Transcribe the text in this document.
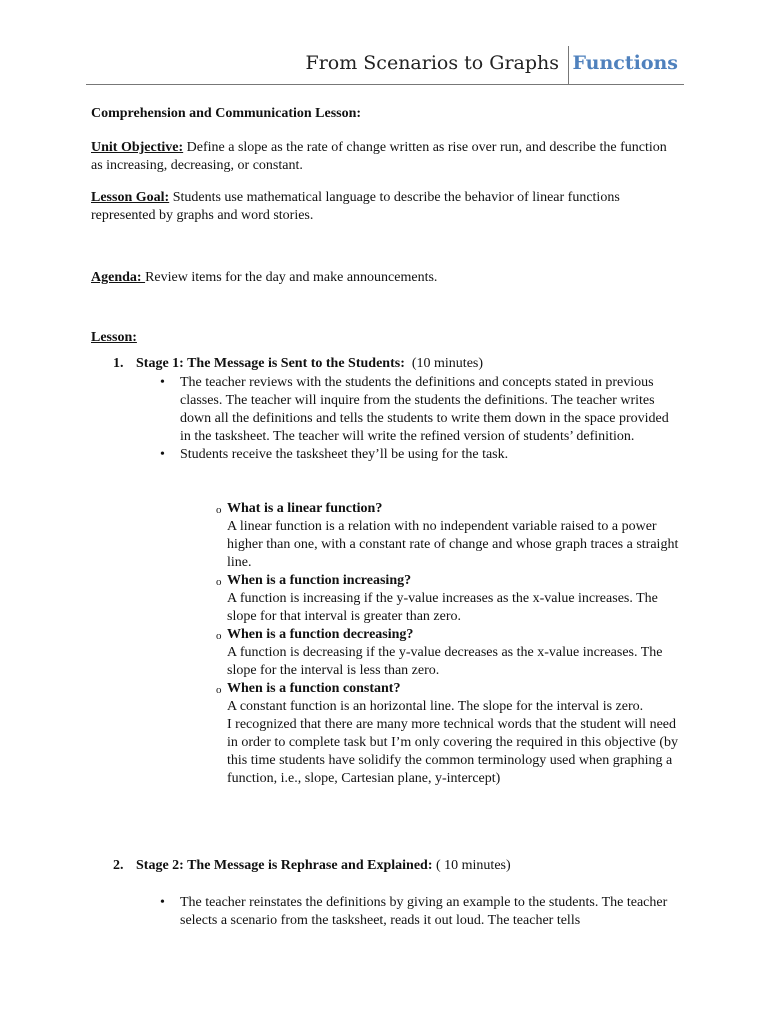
From Scenarios to Graphs Functions

Comprehension and Communication Lesson:

Unit Objective: Define a slope as the rate of change written as rise over run, and describe the function as increasing, decreasing, or constant.

Lesson Goal: Students use mathematical language to describe the behavior of linear functions represented by graphs and word stories.

Agenda: Review items for the day and make announcements.

Lesson:

1. Stage 1: The Message is Sent to the Students:  (10 minutes)
• The teacher reviews with the students the definitions and concepts stated in previous classes. The teacher will inquire from the students the definitions. The teacher writes down all the definitions and tells the students to write them down in the space provided in the tasksheet. The teacher will write the refined version of students’ definition.
• Students receive the tasksheet they’ll be using for the task.
o What is a linear function?
A linear function is a relation with no independent variable raised to a power higher than one, with a constant rate of change and whose graph traces a straight line.
o When is a function increasing?
A function is increasing if the y-value increases as the x-value increases. The slope for that interval is greater than zero.
o When is a function decreasing?
A function is decreasing if the y-value decreases as the x-value increases. The slope for the interval is less than zero.
o When is a function constant?
A constant function is an horizontal line. The slope for the interval is zero.
I recognized that there are many more technical words that the student will need in order to complete task but I’m only covering the required in this objective (by this time students have solidify the common terminology used when graphing a function, i.e., slope, Cartesian plane, y-intercept)
2. Stage 2: The Message is Rephrase and Explained: ( 10 minutes)
• The teacher reinstates the definitions by giving an example to the students. The teacher selects a scenario from the tasksheet, reads it out loud. The teacher tells
